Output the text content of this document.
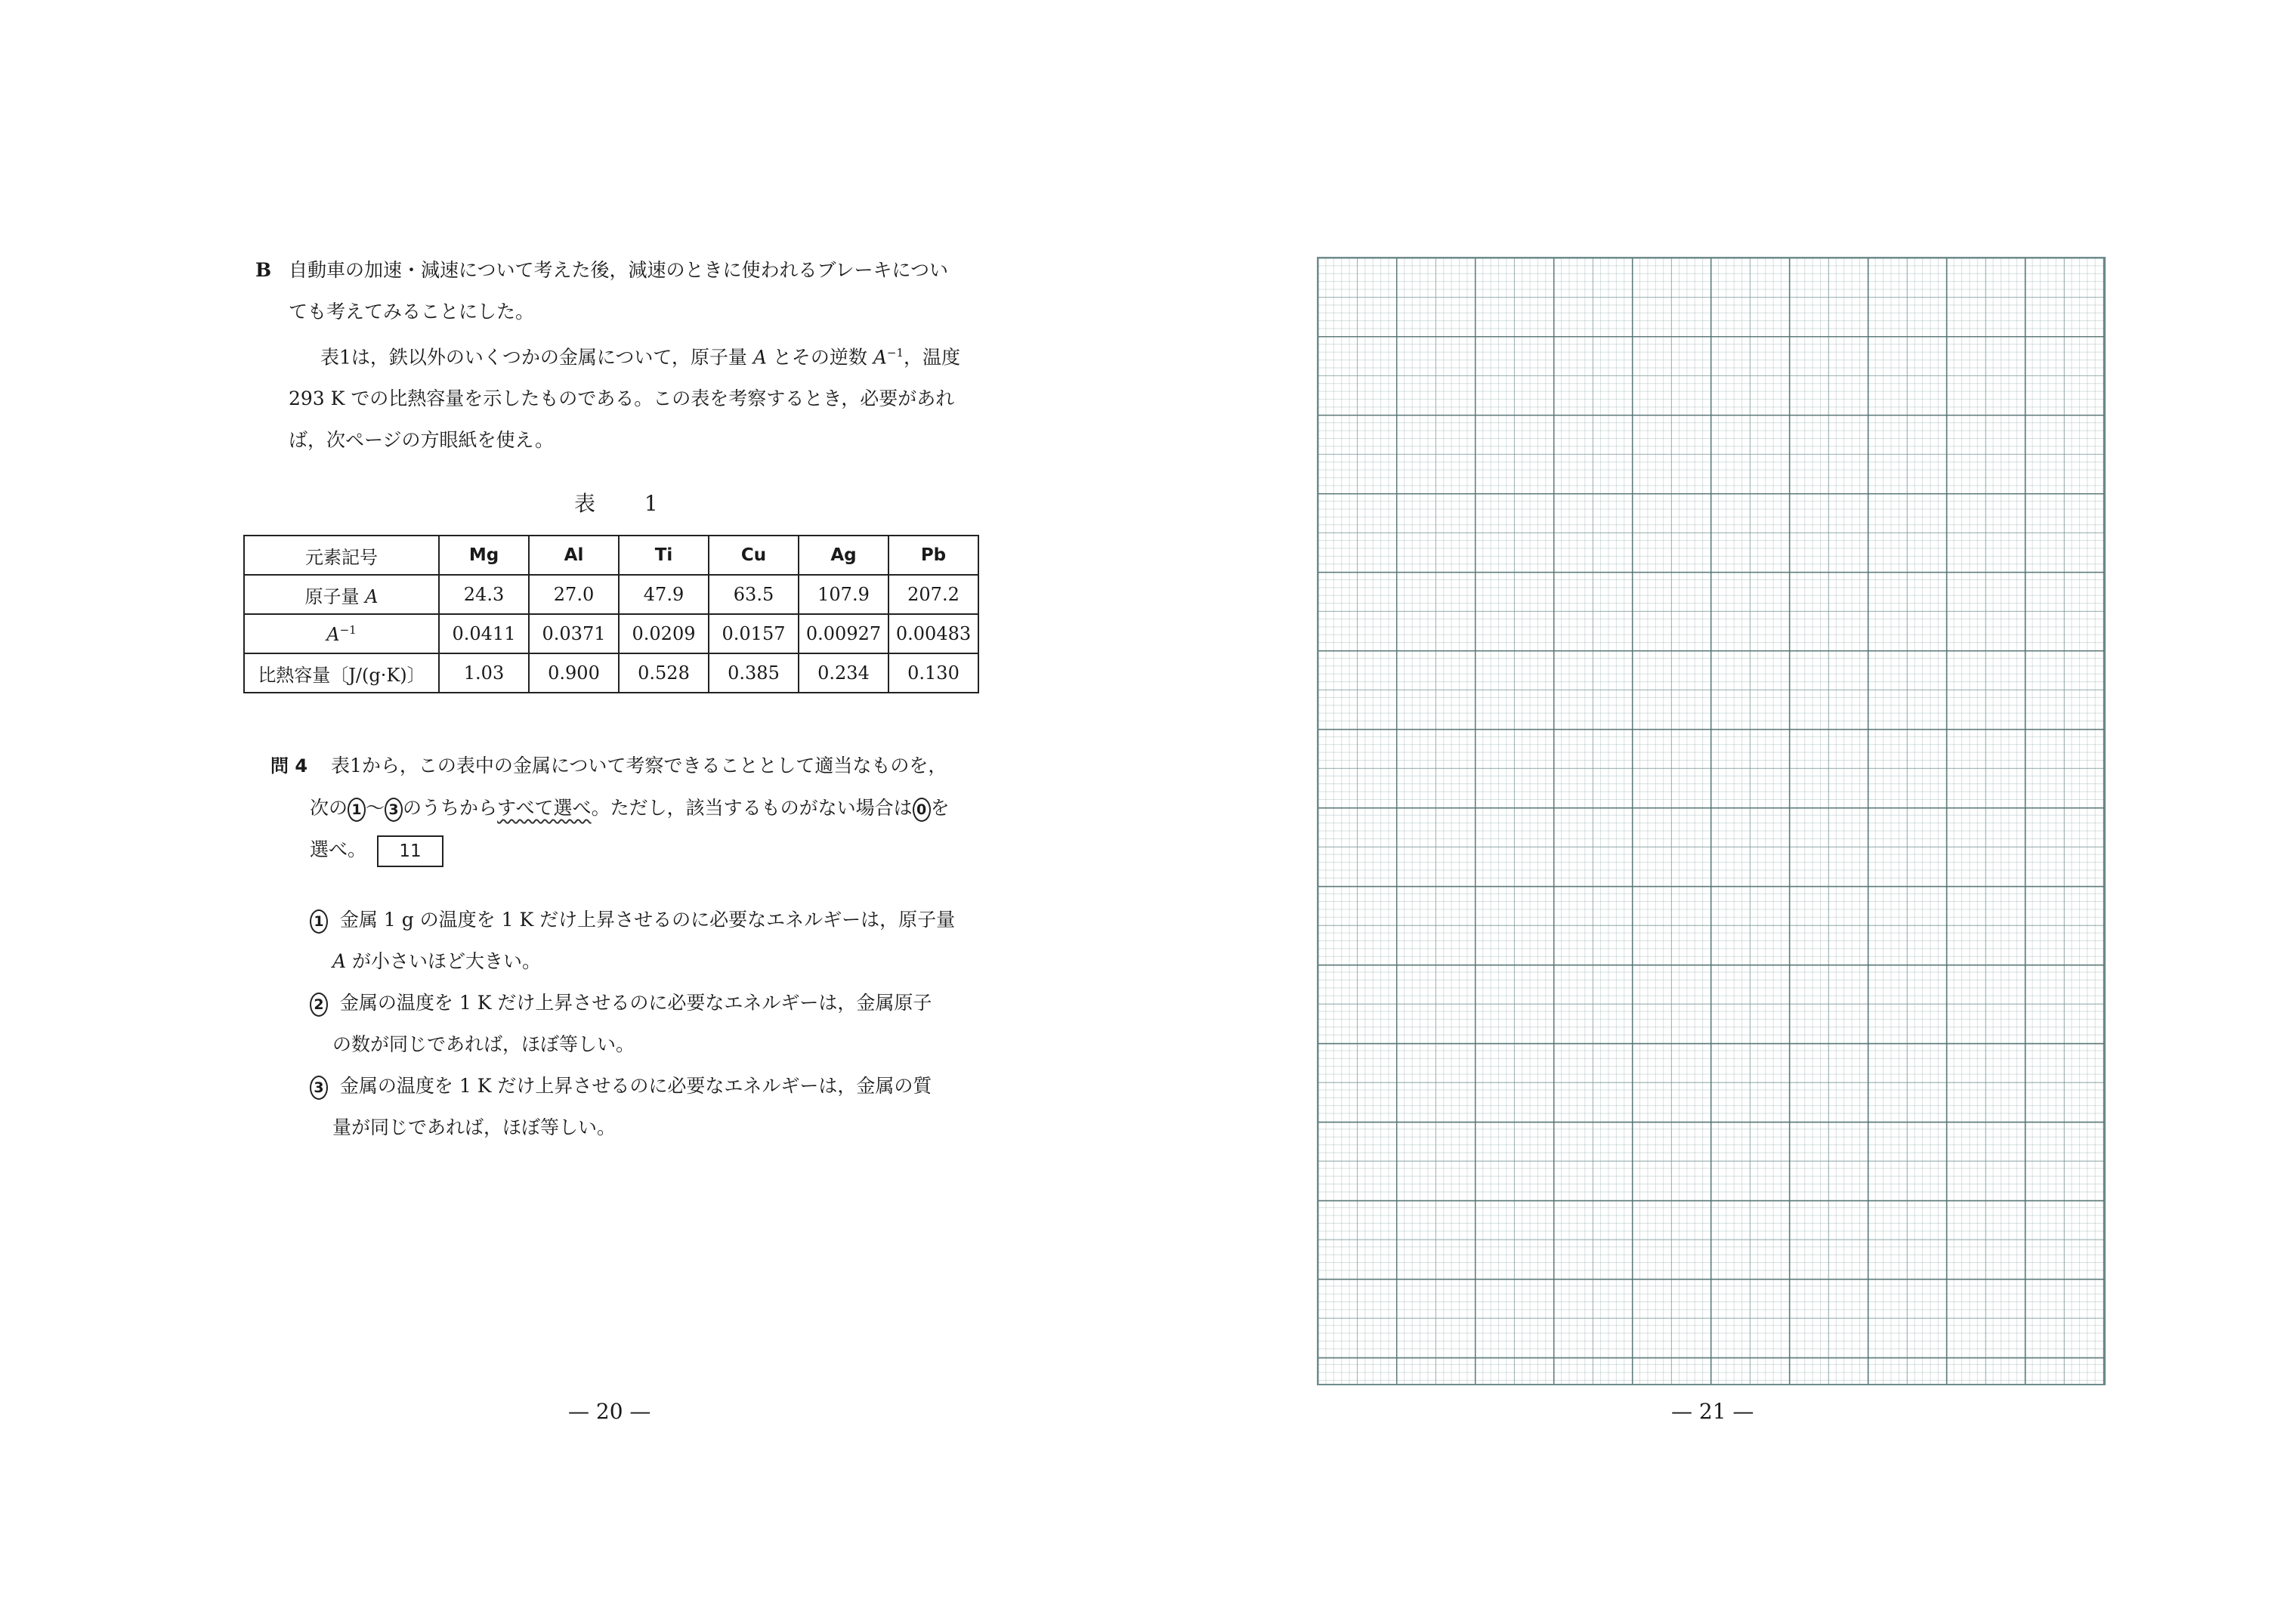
B 自動車の加速・減速について考えた後，減速のときに使われるブレーキについ
ても考えてみることにした。
表1は，鉄以外のいくつかの金属について，原子量 A とその逆数 $A^{-1}$，温度
293 K での比熱容量を示したものである。この表を考察するとき，必要があれ
ば，次ページの方眼紙を使え。
表 1
元素記号	Mg	Al	Ti	Cu	Ag	Pb
原子量 A	24.3	27.0	47.9	63.5	107.9	207.2
$A^{-1}$	0.0411	0.0371	0.0209	0.0157	0.00927	0.00483
比熱容量〔J/(g·K)〕	1.03	0.900	0.528	0.385	0.234	0.130
問 4 表1から，この表中の金属について考察できることとして適当なものを，
次の 1 〜 3 のうちからすべて選べ。ただし，該当するものがない場合は 0 を
選べ。 11
1 金属 1 g の温度を 1 K だけ上昇させるのに必要なエネルギーは，原子量
A が小さいほど大きい。
2 金属の温度を 1 K だけ上昇させるのに必要なエネルギーは，金属原子
の数が同じであれば，ほぼ等しい。
3 金属の温度を 1 K だけ上昇させるのに必要なエネルギーは，金属の質
量が同じであれば，ほぼ等しい。
— 20 —	— 21 —
